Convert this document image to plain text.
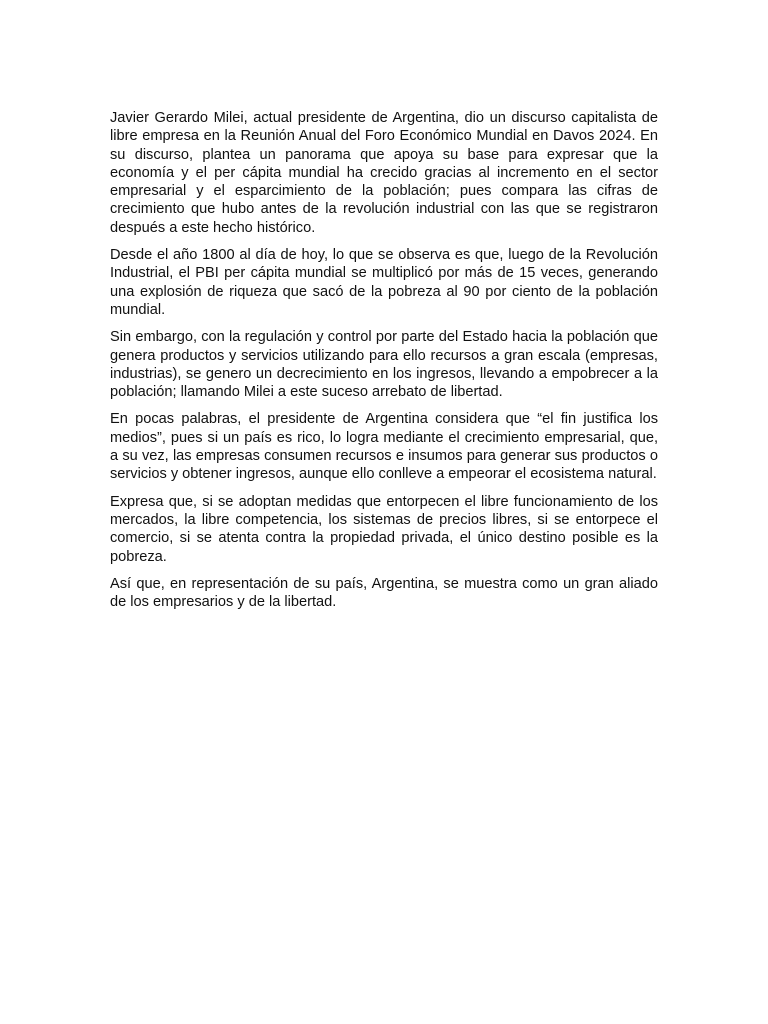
Javier Gerardo Milei, actual presidente de Argentina, dio un discurso capitalista de libre empresa en la Reunión Anual del Foro Económico Mundial en Davos 2024. En su discurso, plantea un panorama que apoya su base para expresar que la economía y el per cápita mundial ha crecido gracias al incremento en el sector empresarial y el esparcimiento de la población; pues compara las cifras de crecimiento que hubo antes de la revolución industrial con las que se registraron después a este hecho histórico.

Desde el año 1800 al día de hoy, lo que se observa es que, luego de la Revolución Industrial, el PBI per cápita mundial se multiplicó por más de 15 veces, generando una explosión de riqueza que sacó de la pobreza al 90 por ciento de la población mundial.

Sin embargo, con la regulación y control por parte del Estado hacia la población que genera productos y servicios utilizando para ello recursos a gran escala (empresas, industrias), se genero un decrecimiento en los ingresos, llevando a empobrecer a la población; llamando Milei a este suceso arrebato de libertad.

En pocas palabras, el presidente de Argentina considera que “el fin justifica los medios”, pues si un país es rico, lo logra mediante el crecimiento empresarial, que, a su vez, las empresas consumen recursos e insumos para generar sus productos o servicios y obtener ingresos, aunque ello conlleve a empeorar el ecosistema natural.

Expresa que, si se adoptan medidas que entorpecen el libre funcionamiento de los mercados, la libre competencia, los sistemas de precios libres, si se entorpece el comercio, si se atenta contra la propiedad privada, el único destino posible es la pobreza.

Así que, en representación de su país, Argentina, se muestra como un gran aliado de los empresarios y de la libertad.
